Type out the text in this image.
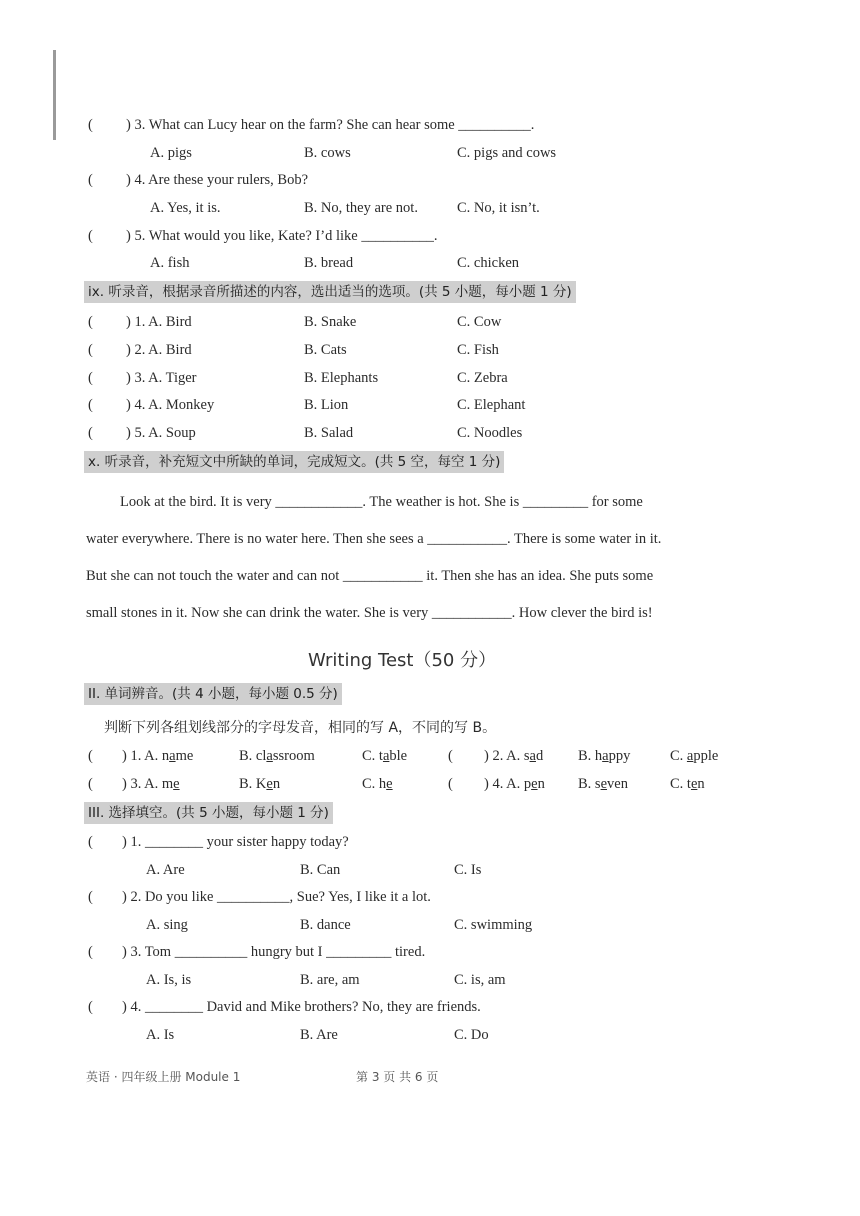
( ) 3. What can Lucy hear on the farm? She can hear some __________.
A. pigs	B. cows	C. pigs and cows
( ) 4. Are these your rulers, Bob?
A. Yes, it is.	B. No, they are not.	C. No, it isn’t.
( ) 5. What would you like, Kate? I’d like __________.
A. fish	B. bread	C. chicken
ix. 听录音，根据录音所描述的内容，选出适当的选项。(共 5 小题，每小题 1 分)
( ) 1. A. Bird	B. Snake	C. Cow
( ) 2. A. Bird	B. Cats	C. Fish
( ) 3. A. Tiger	B. Elephants	C. Zebra
( ) 4. A. Monkey	B. Lion	C. Elephant
( ) 5. A. Soup	B. Salad	C. Noodles
x. 听录音，补充短文中所缺的单词，完成短文。(共 5 空，每空 1 分)
Look at the bird. It is very ____________. The weather is hot. She is _________ for some
water everywhere. There is no water here. Then she sees a ___________. There is some water in it.
But she can not touch the water and can not ___________ it. Then she has an idea. She puts some
small stones in it. Now she can drink the water. She is very ___________. How clever the bird is!
Writing Test（50 分）
II. 单词辨音。(共 4 小题，每小题 0.5 分)
判断下列各组划线部分的字母发音，相同的写 A，不同的写 B。
( ) 1. A. name	B. classroom	C. table	( ) 2. A. sad B. happy	C. apple
( ) 3. A. me	B. Ken	C. he	( ) 4. A. pen B. seven	C. ten
III. 选择填空。(共 5 小题，每小题 1 分)
( ) 1. ________ your sister happy today?
A. Are	B. Can	C. Is
( ) 2. Do you like __________, Sue? Yes, I like it a lot.
A. sing	B. dance	C. swimming
( ) 3. Tom __________ hungry but I _________ tired.
A. Is, is	B. are, am	C. is, am
( ) 4. ________ David and Mike brothers? No, they are friends.
A. Is	B. Are	C. Do
英语 · 四年级上册 Module 1	第 3 页 共 6 页
